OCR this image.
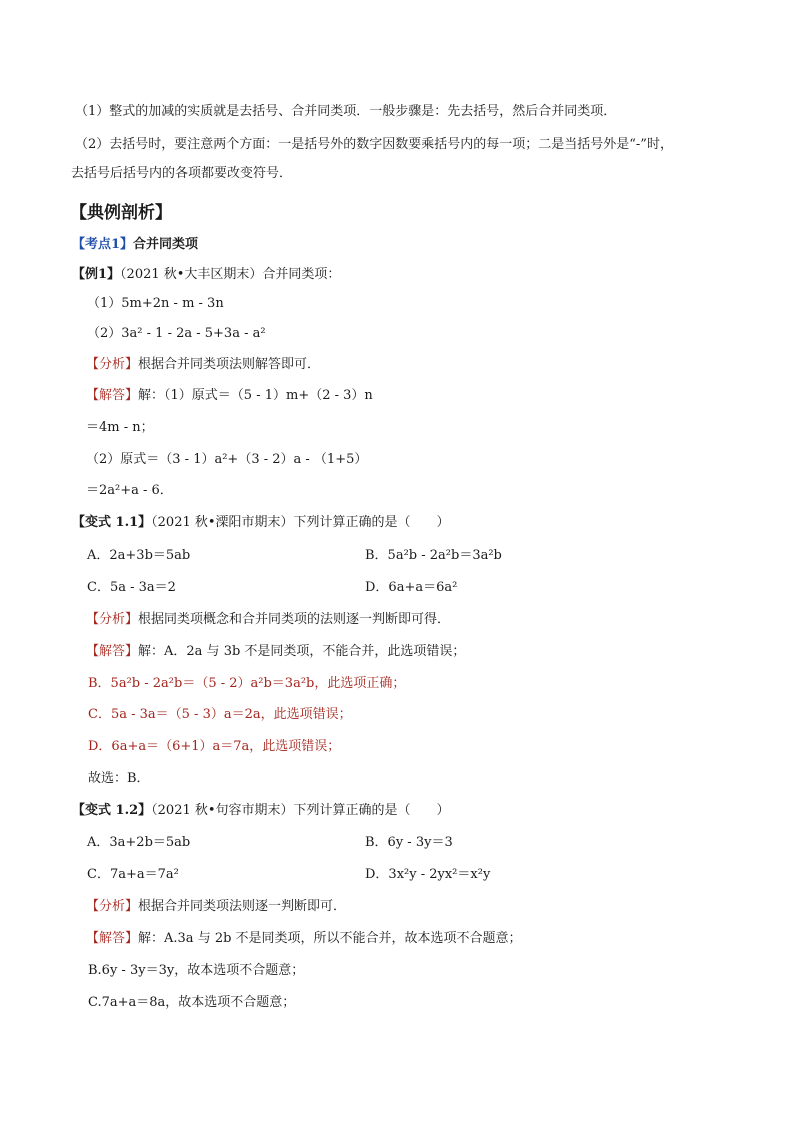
（1）整式的加减的实质就是去括号、合并同类项．一般步骤是：先去括号，然后合并同类项．
（2）去括号时，要注意两个方面：一是括号外的数字因数要乘括号内的每一项；二是当括号外是“-”时，
去括号后括号内的各项都要改变符号．
【典例剖析】
【考点1】合并同类项
【例1】（2021 秋•大丰区期末）合并同类项：
（1）5m+2n - m - 3n
（2）3a² - 1 - 2a - 5+3a - a²
【分析】根据合并同类项法则解答即可．
【解答】解：（1）原式＝（5 - 1）m+（2 - 3）n
＝4m - n；
（2）原式＝（3 - 1）a²+（3 - 2）a - （1+5）
＝2a²+a - 6．
【变式 1.1】（2021 秋•溧阳市期末）下列计算正确的是（　　）
A．2a+3b＝5ab	B．5a²b - 2a²b＝3a²b
C．5a - 3a＝2	D．6a+a＝6a²
【分析】根据同类项概念和合并同类项的法则逐一判断即可得．
【解答】解：A．2a 与 3b 不是同类项，不能合并，此选项错误；
B．5a²b - 2a²b＝（5 - 2）a²b＝3a²b，此选项正确；
C．5a - 3a＝（5 - 3）a＝2a，此选项错误；
D．6a+a＝（6+1）a＝7a，此选项错误；
故选：B．
【变式 1.2】（2021 秋•句容市期末）下列计算正确的是（　　）
A．3a+2b＝5ab	B．6y - 3y＝3
C．7a+a＝7a²	D．3x²y - 2yx²＝x²y
【分析】根据合并同类项法则逐一判断即可．
【解答】解：A.3a 与 2b 不是同类项，所以不能合并，故本选项不合题意；
B.6y - 3y＝3y，故本选项不合题意；
C.7a+a＝8a，故本选项不合题意；
